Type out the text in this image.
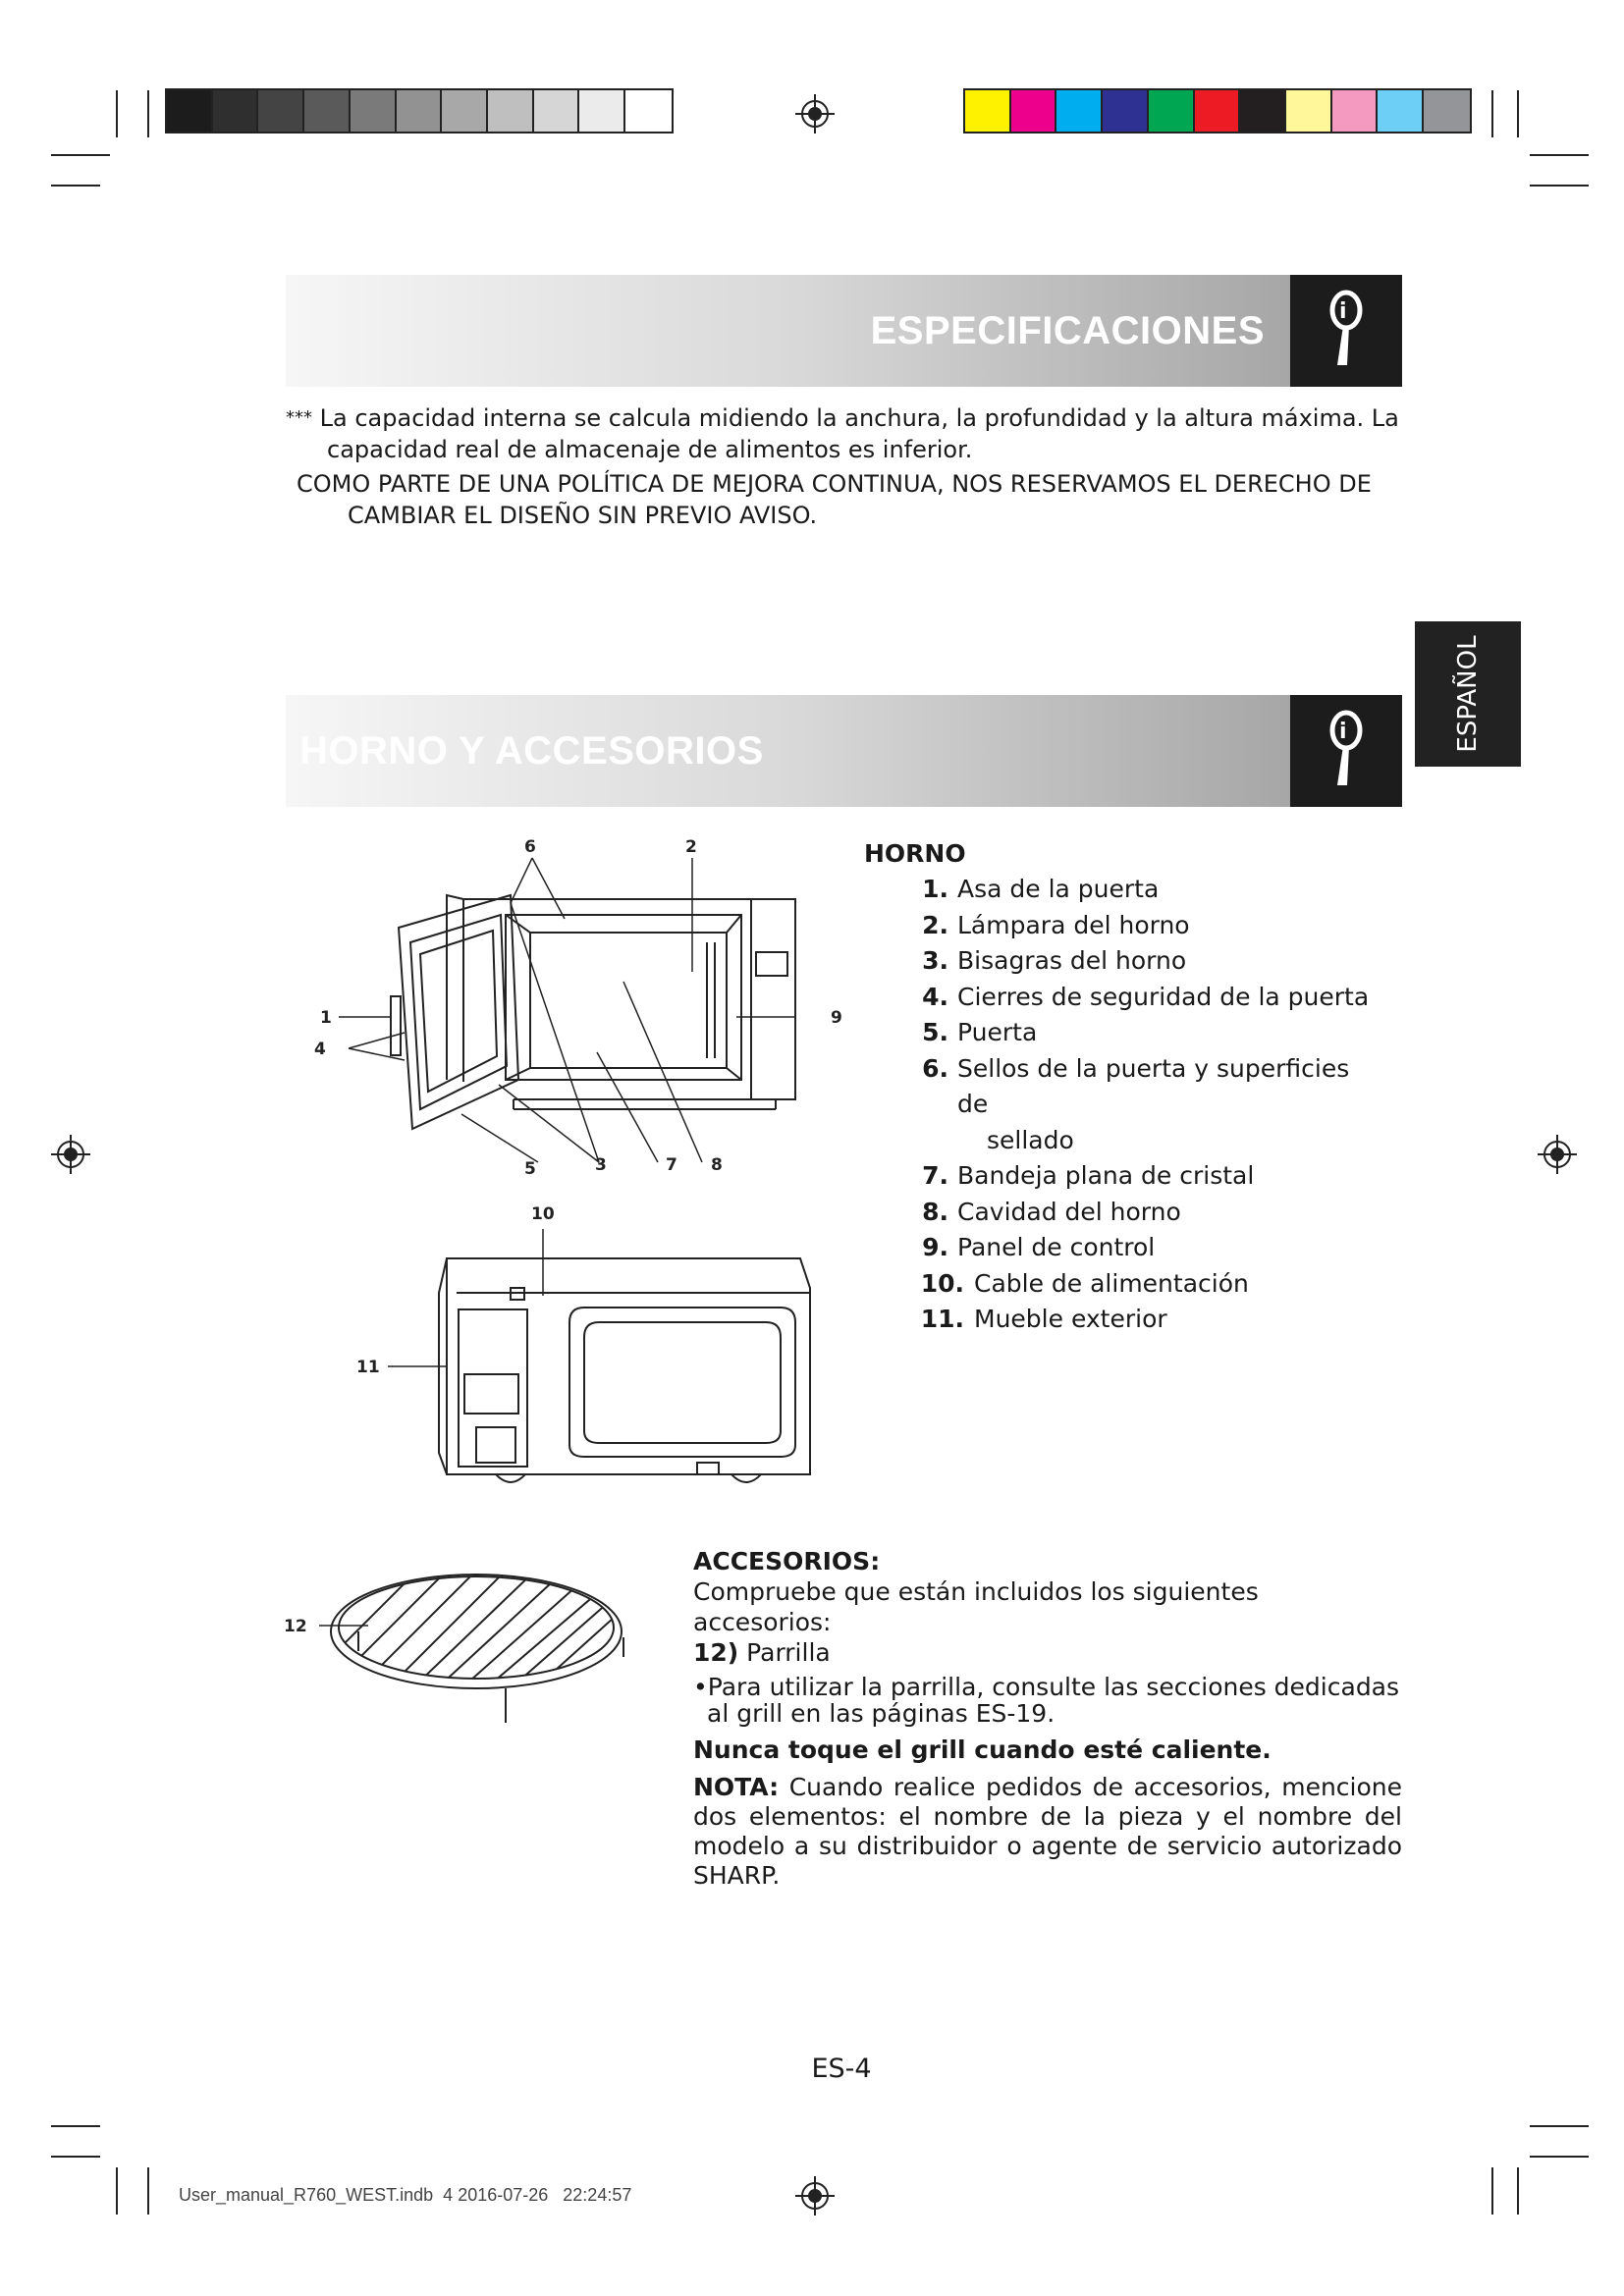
ESPECIFICACIONES	i
*** La capacidad interna se calcula midiendo la anchura, la profundidad y la altura máxima. La
capacidad real de almacenaje de alimentos es inferior.
COMO PARTE DE UNA POLÍTICA DE MEJORA CONTINUA, NOS RESERVAMOS EL DERECHO DE
CAMBIAR EL DISEÑO SIN PREVIO AVISO.
ESPAÑOL
HORNO Y ACCESORIOS	i
6	2
1
4
9
5	3	7 8
10
11
12
HORNO
1. Asa de la puerta
2. Lámpara del horno
3. Bisagras del horno
4. Cierres de seguridad de la puerta
5. Puerta
6. Sellos de la puerta y superficies de
sellado
7. Bandeja plana de cristal
8. Cavidad del horno
9. Panel de control
10. Cable de alimentación
11. Mueble exterior

ACCESORIOS:

Compruebe que están incluidos los siguientes accesorios:

12) Parrilla

•Para utilizar la parrilla, consulte las secciones dedicadas
al grill en las páginas ES-19.

Nunca toque el grill cuando esté caliente.

NOTA: Cuando realice pedidos de accesorios, mencione dos elementos: el nombre de la pieza y el nombre del modelo a su distribuidor o agente de servicio autorizado SHARP.

ES-4
User_manual_R760_WEST.indb 4 2016-07-26 22:24:57
